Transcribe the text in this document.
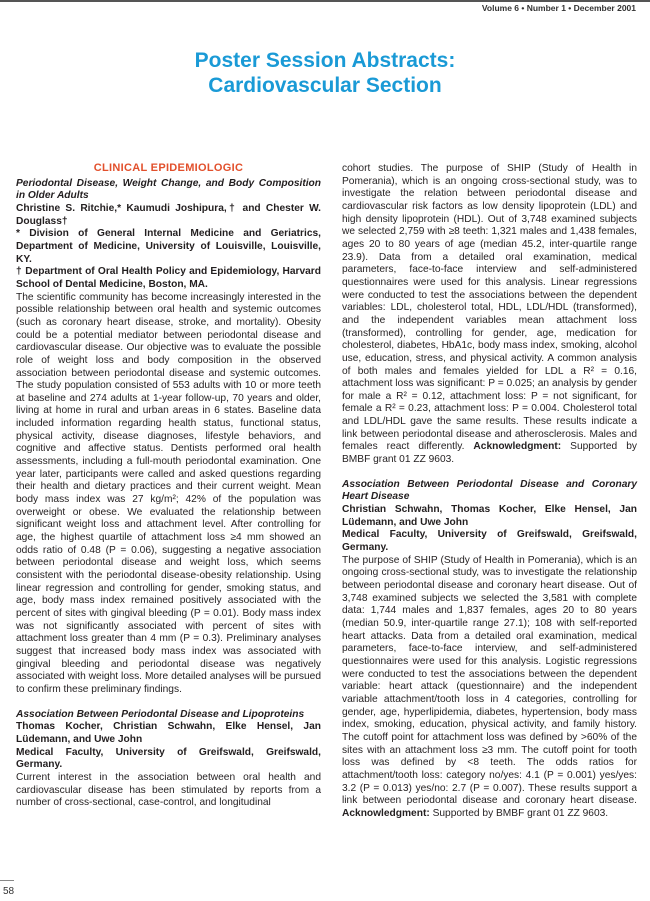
Volume 6 • Number 1 • December 2001
Poster Session Abstracts:
Cardiovascular Section
CLINICAL EPIDEMIOLOGIC

Periodontal Disease, Weight Change, and Body Composition in Older Adults

Christine S. Ritchie,* Kaumudi Joshipura,† and Chester W. Douglass†

* Division of General Internal Medicine and Geriatrics, Department of Medicine, University of Louisville, Louisville, KY.

† Department of Oral Health Policy and Epidemiology, Harvard School of Dental Medicine, Boston, MA.

The scientific community has become increasingly interested in the possible relationship between oral health and systemic outcomes (such as coronary heart disease, stroke, and mortality). Obesity could be a potential mediator between periodontal disease and cardiovascular disease. Our objective was to evaluate the possible role of weight loss and body composition in the observed association between periodontal disease and systemic outcomes. The study population consisted of 553 adults with 10 or more teeth at baseline and 274 adults at 1-year follow-up, 70 years and older, living at home in rural and urban areas in 6 states. Baseline data included information regarding health status, functional status, physical activity, disease diagnoses, lifestyle behaviors, and cognitive and affective status. Dentists performed oral health assessments, including a full-mouth periodontal examination. One year later, participants were called and asked questions regarding their health and dietary practices and their current weight. Mean body mass index was 27 kg/m²; 42% of the population was overweight or obese. We evaluated the relationship between significant weight loss and attachment level. After controlling for age, the highest quartile of attachment loss ≥4 mm showed an odds ratio of 0.48 (P = 0.06), suggesting a negative association between periodontal disease and weight loss, which seems consistent with the periodontal disease-obesity relationship. Using linear regression and controlling for gender, smoking status, and age, body mass index remained positively associated with the percent of sites with gingival bleeding (P = 0.01). Body mass index was not significantly associated with percent of sites with attachment loss greater than 4 mm (P = 0.3). Preliminary analyses suggest that increased body mass index was associated with gingival bleeding and periodontal disease was negatively associated with weight loss. More detailed analyses will be pursued to confirm these preliminary findings.

Association Between Periodontal Disease and Lipoproteins

Thomas Kocher, Christian Schwahn, Elke Hensel, Jan Lüdemann, and Uwe John

Medical Faculty, University of Greifswald, Greifswald, Germany.

Current interest in the association between oral health and cardiovascular disease has been stimulated by reports from a number of cross-sectional, case-control, and longitudinal

cohort studies. The purpose of SHIP (Study of Health in Pomerania), which is an ongoing cross-sectional study, was to investigate the relation between periodontal disease and cardiovascular risk factors as low density lipoprotein (LDL) and high density lipoprotein (HDL). Out of 3,748 examined subjects we selected 2,759 with ≥8 teeth: 1,321 males and 1,438 females, ages 20 to 80 years of age (median 45.2, inter-quartile range 23.9). Data from a detailed oral examination, medical parameters, face-to-face interview and self-administered questionnaires were used for this analysis. Linear regressions were conducted to test the associations between the dependent variables: LDL, cholesterol total, HDL, LDL/HDL (transformed), and the independent variables mean attachment loss (transformed), controlling for gender, age, medication for cholesterol, diabetes, HbA1c, body mass index, smoking, alcohol use, education, stress, and physical activity. A common analysis of both males and females yielded for LDL a R² = 0.16, attachment loss was significant: P = 0.025; an analysis by gender for male a R² = 0.12, attachment loss: P = not significant, for female a R² = 0.23, attachment loss: P = 0.004. Cholesterol total and LDL/HDL gave the same results. These results indicate a link between periodontal disease and atherosclerosis. Males and females react differently. Acknowledgment: Supported by BMBF grant 01 ZZ 9603.

Association Between Periodontal Disease and Coronary Heart Disease

Christian Schwahn, Thomas Kocher, Elke Hensel, Jan Lüdemann, and Uwe John

Medical Faculty, University of Greifswald, Greifswald, Germany.

The purpose of SHIP (Study of Health in Pomerania), which is an ongoing cross-sectional study, was to investigate the relationship between periodontal disease and coronary heart disease. Out of 3,748 examined subjects we selected the 3,581 with complete data: 1,744 males and 1,837 females, ages 20 to 80 years (median 50.9, inter-quartile range 27.1); 108 with self-reported heart attacks. Data from a detailed oral examination, medical parameters, face-to-face interview, and self-administered questionnaires were used for this analysis. Logistic regressions were conducted to test the associations between the dependent variable: heart attack (questionnaire) and the independent variable attachment/tooth loss in 4 categories, controlling for gender, age, hyperlipidemia, diabetes, hypertension, body mass index, smoking, education, physical activity, and family history. The cutoff point for attachment loss was defined by >60% of the sites with an attachment loss ≥3 mm. The cutoff point for tooth loss was defined by <8 teeth. The odds ratios for attachment/tooth loss: category no/yes: 4.1 (P = 0.001) yes/yes: 3.2 (P = 0.013) yes/no: 2.7 (P = 0.007). These results support a link between periodontal disease and coronary heart disease. Acknowledgment: Supported by BMBF grant 01 ZZ 9603.

58
